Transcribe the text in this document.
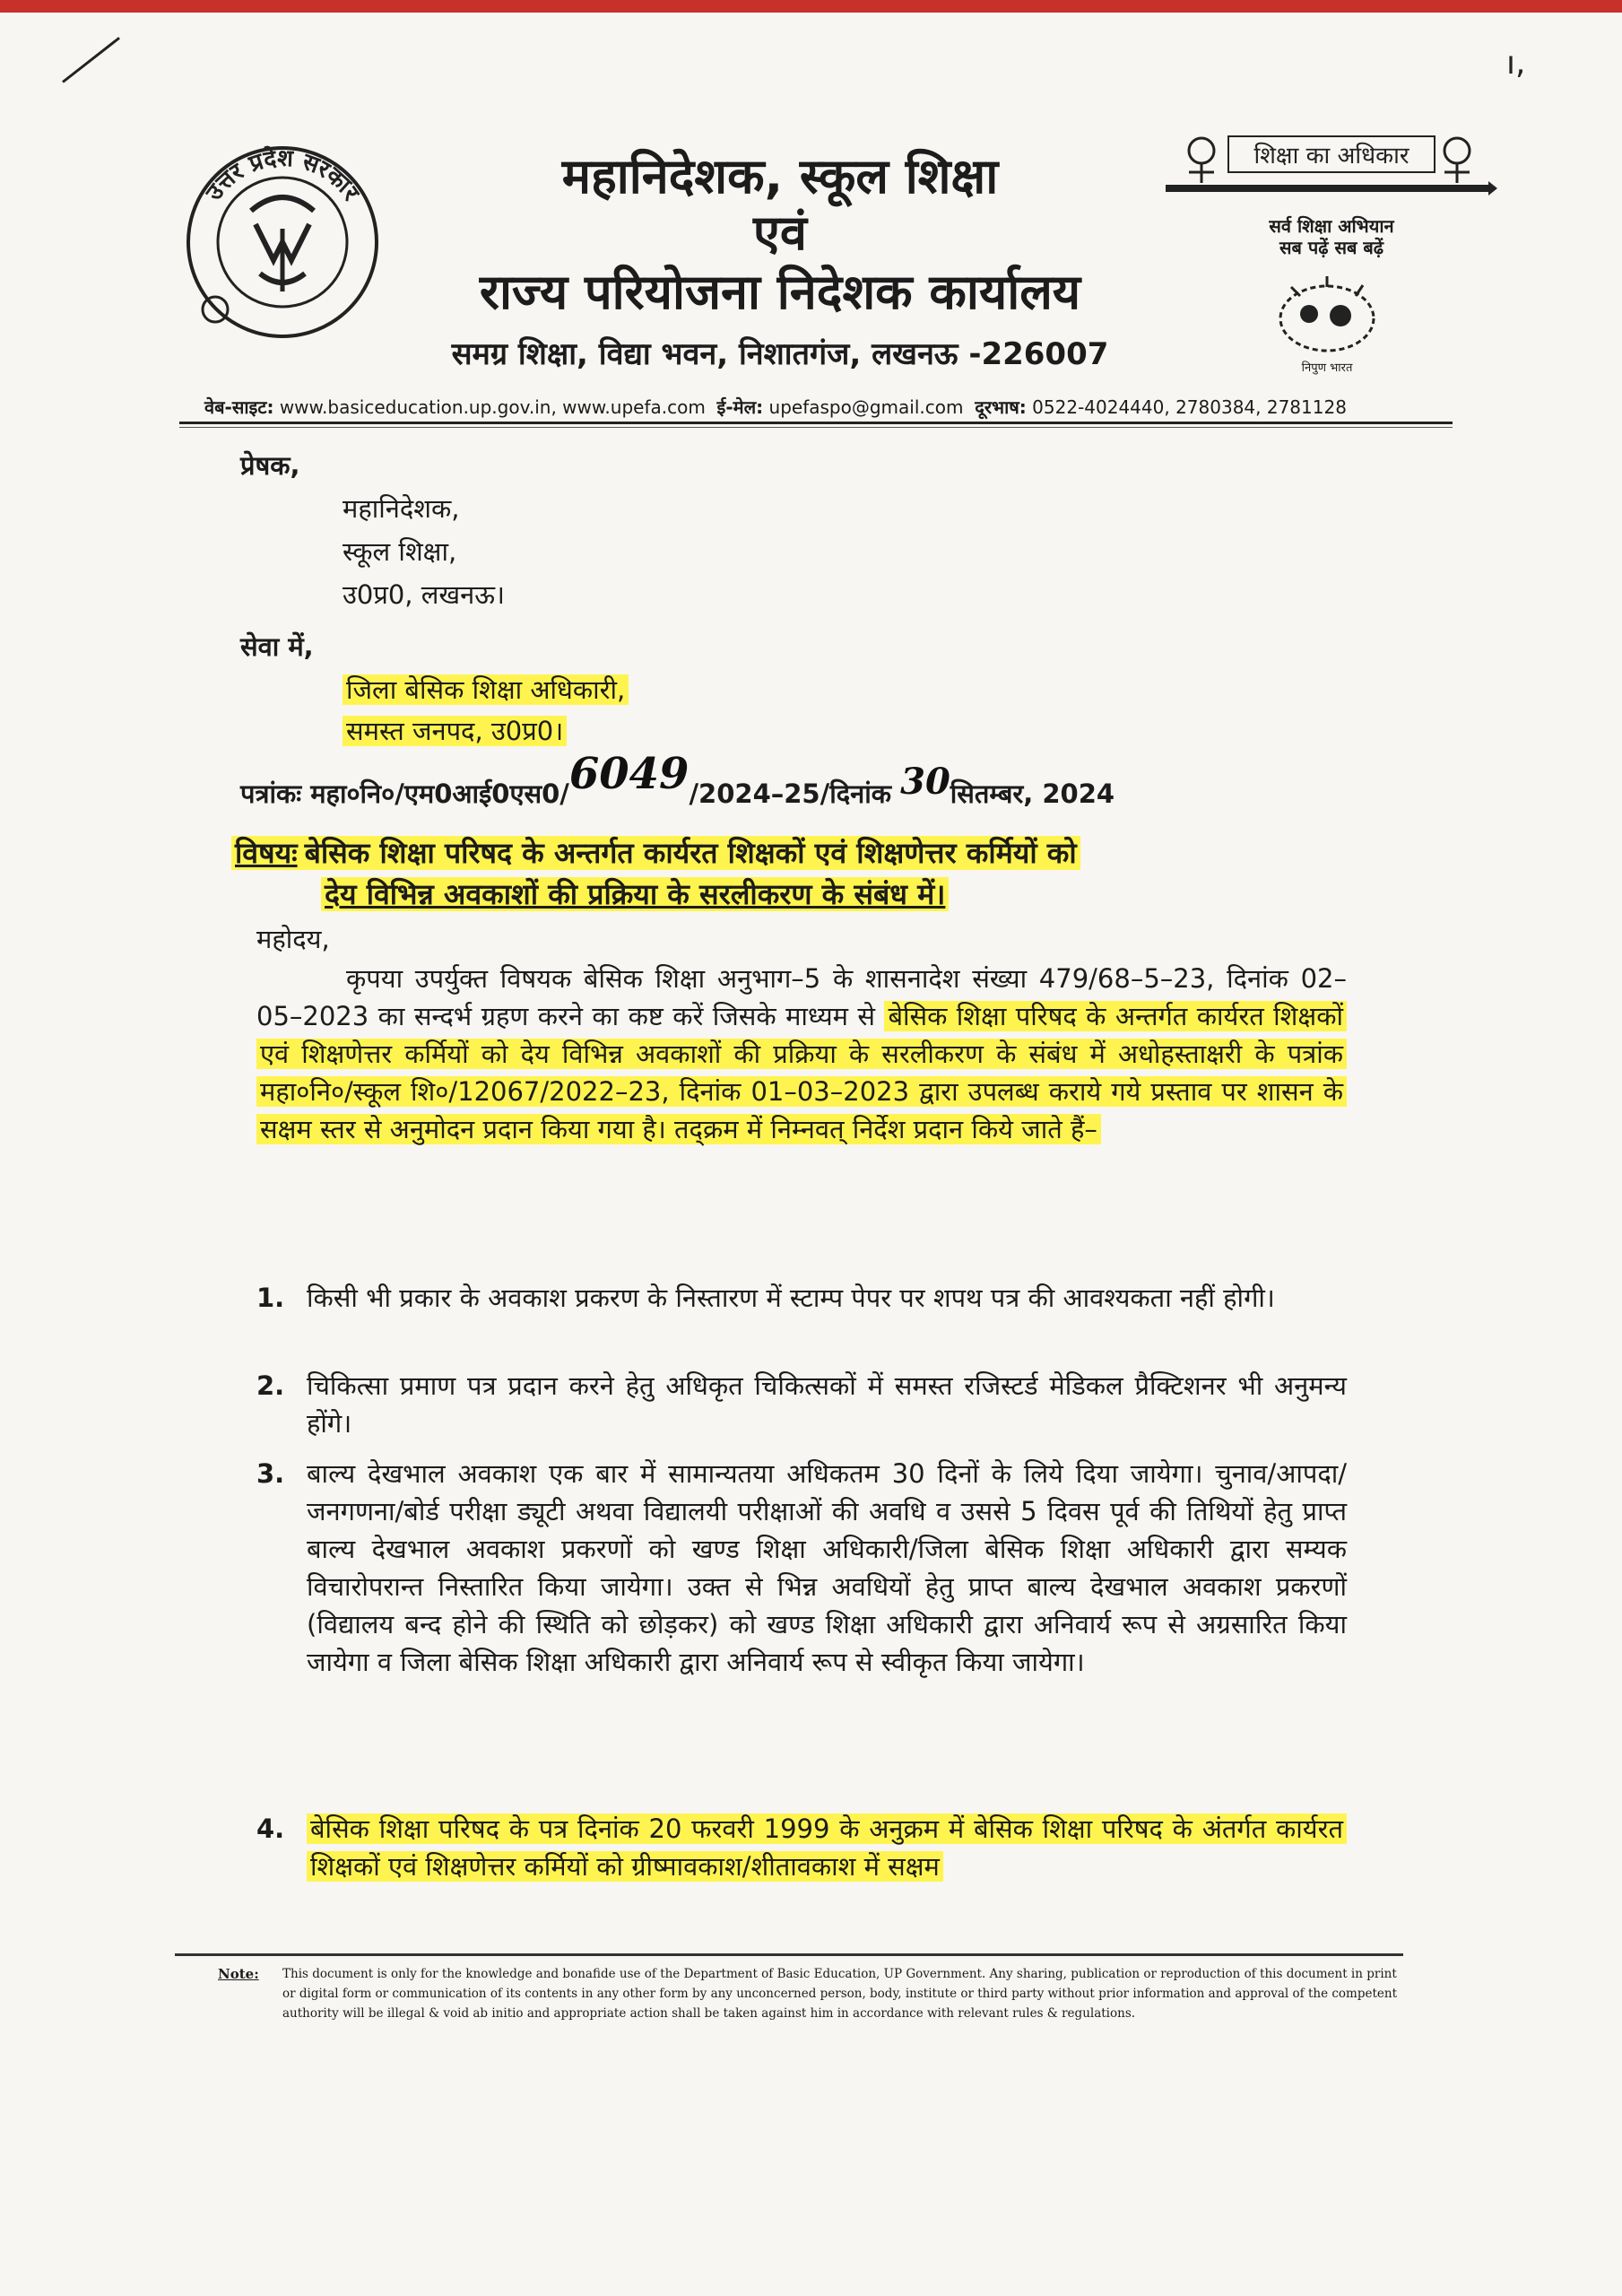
ı,
उत्तर प्रदेश सरकार	महानिदेशक, स्कूल शिक्षा
एवं
राज्य परियोजना निदेशक कार्यालय
समग्र शिक्षा, विद्या भवन, निशातगंज, लखनऊ -226007
शिक्षा का अधिकार
सर्व शिक्षा अभियान
सब पढ़ें सब बढ़ें
निपुण भारत
वेब-साइट: www.basiceducation.up.gov.in, www.upefa.com ई-मेल: upefaspo@gmail.com दूरभाष: 0522-4024440, 2780384, 2781128
प्रेषक,
महानिदेशक,
स्कूल शिक्षा,
उ0प्र0, लखनऊ।
सेवा में,
जिला बेसिक शिक्षा अधिकारी,
समस्त जनपद, उ0प्र0।
पत्रांकः महा०नि०/एम0आई0एस0/6049/2024–25/दिनांक 30सितम्बर, 2024
विषयः बेसिक शिक्षा परिषद के अन्तर्गत कार्यरत शिक्षकों एवं शिक्षणेत्तर कर्मियों को
देय विभिन्न अवकाशों की प्रक्रिया के सरलीकरण के संबंध में।
महोदय,
कृपया उपर्युक्त विषयक बेसिक शिक्षा अनुभाग–5 के शासनादेश संख्या 479/68–5–23, दिनांक 02–05–2023 का सन्दर्भ ग्रहण करने का कष्ट करें जिसके माध्यम से बेसिक शिक्षा परिषद के अन्तर्गत कार्यरत शिक्षकों एवं शिक्षणेत्तर कर्मियों को देय विभिन्न अवकाशों की प्रक्रिया के सरलीकरण के संबंध में अधोहस्ताक्षरी के पत्रांक महा०नि०/स्कूल शि०/12067/2022–23, दिनांक 01–03–2023 द्वारा उपलब्ध कराये गये प्रस्ताव पर शासन के सक्षम स्तर से अनुमोदन प्रदान किया गया है। तद्क्रम में निम्नवत् निर्देश प्रदान किये जाते हैं–
1. किसी भी प्रकार के अवकाश प्रकरण के निस्तारण में स्टाम्प पेपर पर शपथ पत्र की आवश्यकता नहीं होगी।
2. चिकित्सा प्रमाण पत्र प्रदान करने हेतु अधिकृत चिकित्सकों में समस्त रजिस्टर्ड मेडिकल प्रैक्टिशनर भी अनुमन्य होंगे।
3. बाल्य देखभाल अवकाश एक बार में सामान्यतया अधिकतम 30 दिनों के लिये दिया जायेगा। चुनाव/आपदा/ जनगणना/बोर्ड परीक्षा ड्यूटी अथवा विद्यालयी परीक्षाओं की अवधि व उससे 5 दिवस पूर्व की तिथियों हेतु प्राप्त बाल्य देखभाल अवकाश प्रकरणों को खण्ड शिक्षा अधिकारी/जिला बेसिक शिक्षा अधिकारी द्वारा सम्यक विचारोपरान्त निस्तारित किया जायेगा। उक्त से भिन्न अवधियों हेतु प्राप्त बाल्य देखभाल अवकाश प्रकरणों (विद्यालय बन्द होने की स्थिति को छोड़कर) को खण्ड शिक्षा अधिकारी द्वारा अनिवार्य रूप से अग्रसारित किया जायेगा व जिला बेसिक शिक्षा अधिकारी द्वारा अनिवार्य रूप से स्वीकृत किया जायेगा।
4. बेसिक शिक्षा परिषद के पत्र दिनांक 20 फरवरी 1999 के अनुक्रम में बेसिक शिक्षा परिषद के अंतर्गत कार्यरत शिक्षकों एवं शिक्षणेत्तर कर्मियों को ग्रीष्मावकाश/शीतावकाश में सक्षम
Note: This document is only for the knowledge and bonafide use of the Department of Basic Education, UP Government. Any sharing, publication or reproduction of this document in print or digital form or communication of its contents in any other form by any unconcerned person, body, institute or third party without prior information and approval of the competent authority will be illegal & void ab initio and appropriate action shall be taken against him in accordance with relevant rules & regulations.
